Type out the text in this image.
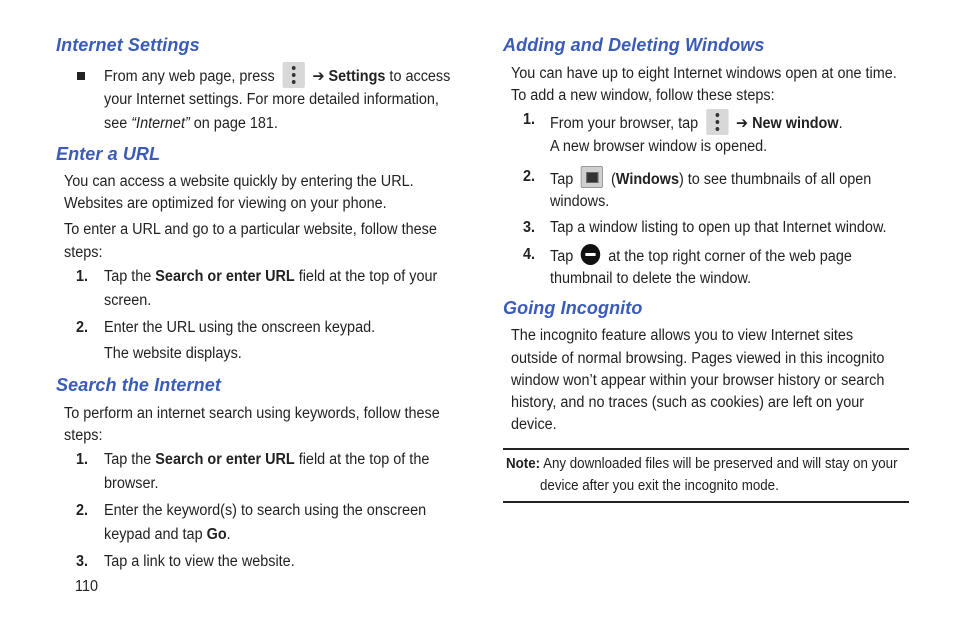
Internet Settings
From any web page, press ➔ Settings to access
your Internet settings. For more detailed information,
see “Internet” on page 181.
Enter a URL
You can access a website quickly by entering the URL.
Websites are optimized for viewing on your phone.
To enter a URL and go to a particular website, follow these
steps:
1. Tap the Search or enter URL field at the top of your
screen.
2. Enter the URL using the onscreen keypad.
The website displays.
Search the Internet
To perform an internet search using keywords, follow these
steps:
1. Tap the Search or enter URL field at the top of the
browser.
2. Enter the keyword(s) to search using the onscreen
keypad and tap Go.
3. Tap a link to view the website.
110
Adding and Deleting Windows
You can have up to eight Internet windows open at one time.
To add a new window, follow these steps:
1. From your browser, tap ➔ New window.
A new browser window is opened.
2. Tap (Windows) to see thumbnails of all open
windows.
3. Tap a window listing to open up that Internet window.
4. Tap at the top right corner of the web page
thumbnail to delete the window.
Going Incognito
The incognito feature allows you to view Internet sites
outside of normal browsing. Pages viewed in this incognito
window won’t appear within your browser history or search
history, and no traces (such as cookies) are left on your
device.
Note: Any downloaded files will be preserved and will stay on your
device after you exit the incognito mode.
